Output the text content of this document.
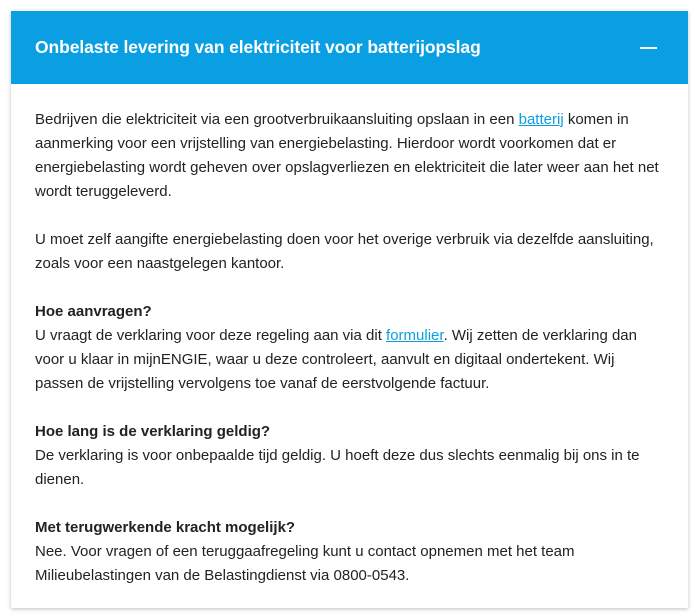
Onbelaste levering van elektriciteit voor batterijopslag

Bedrijven die elektriciteit via een grootverbruikaansluiting opslaan in een batterij komen in aanmerking voor een vrijstelling van energiebelasting. Hierdoor wordt voorkomen dat er energiebelasting wordt geheven over opslagverliezen en elektriciteit die later weer aan het net wordt teruggeleverd.

U moet zelf aangifte energiebelasting doen voor het overige verbruik via dezelfde aansluiting, zoals voor een naastgelegen kantoor.

Hoe aanvragen?
U vraagt de verklaring voor deze regeling aan via dit formulier. Wij zetten de verklaring dan voor u klaar in mijnENGIE, waar u deze controleert, aanvult en digitaal ondertekent. Wij passen de vrijstelling vervolgens toe vanaf de eerstvolgende factuur.

Hoe lang is de verklaring geldig?
De verklaring is voor onbepaalde tijd geldig. U hoeft deze dus slechts eenmalig bij ons in te dienen.

Met terugwerkende kracht mogelijk?
Nee. Voor vragen of een teruggaafregeling kunt u contact opnemen met het team Milieubelastingen van de Belastingdienst via 0800-0543.
